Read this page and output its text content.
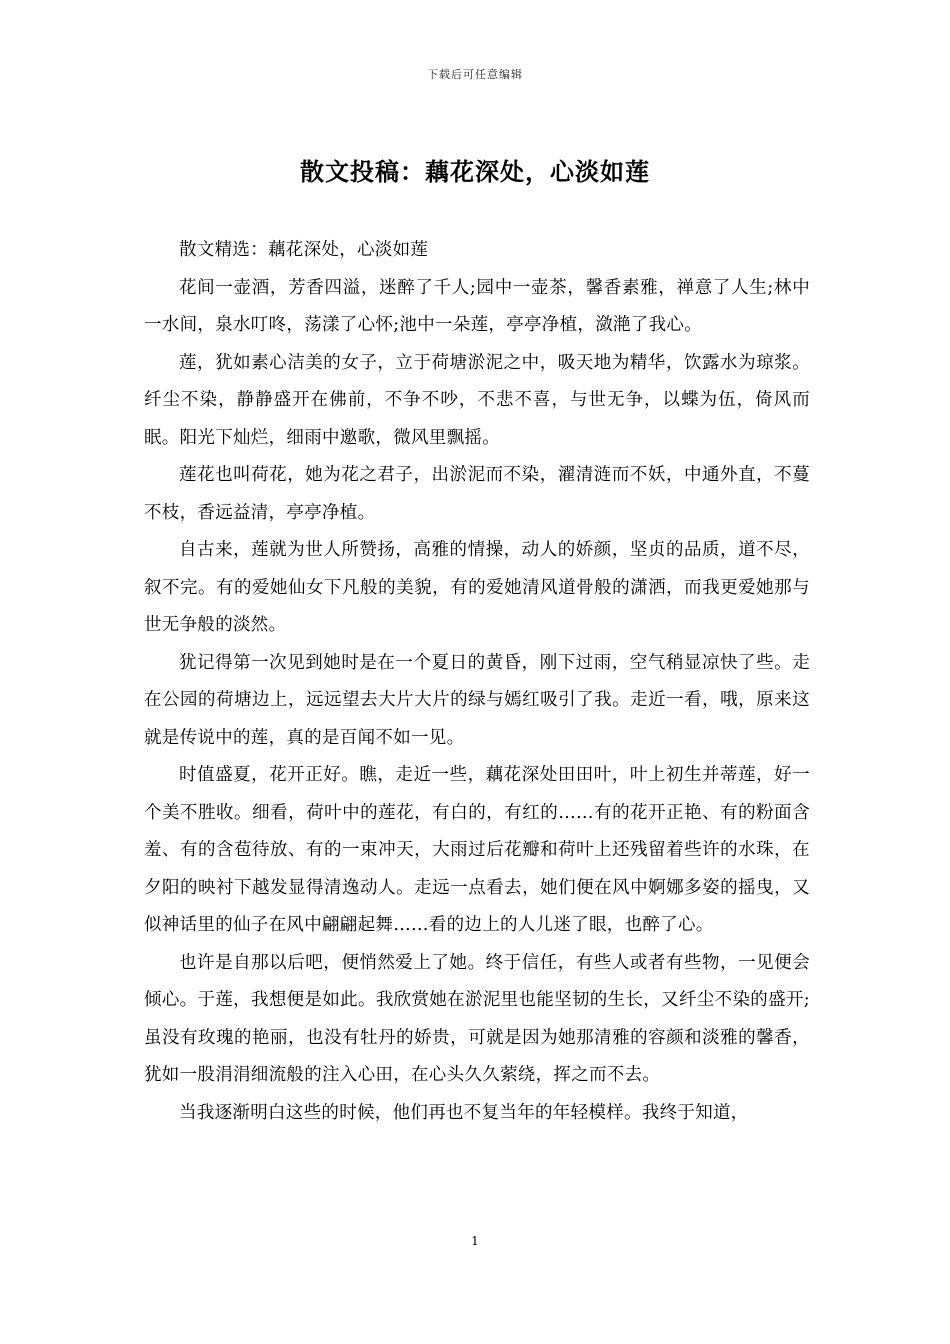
下载后可任意编辑
散文投稿：藕花深处，心淡如莲

散文精选：藕花深处，心淡如莲

花间一壶酒，芳香四溢，迷醉了千人;园中一壶茶，馨香素雅，禅意了人生;林中一水间，泉水叮咚，荡漾了心怀;池中一朵莲，亭亭净植，潋滟了我心。

莲，犹如素心洁美的女子，立于荷塘淤泥之中，吸天地为精华，饮露水为琼浆。纤尘不染，静静盛开在佛前，不争不吵，不悲不喜，与世无争，以蝶为伍，倚风而眠。阳光下灿烂，细雨中邀歌，微风里飘摇。

莲花也叫荷花，她为花之君子，出淤泥而不染，濯清涟而不妖，中通外直，不蔓不枝，香远益清，亭亭净植。

自古来，莲就为世人所赞扬，高雅的情操，动人的娇颜，坚贞的品质，道不尽，叙不完。有的爱她仙女下凡般的美貌，有的爱她清风道骨般的潇洒，而我更爱她那与世无争般的淡然。

犹记得第一次见到她时是在一个夏日的黄昏，刚下过雨，空气稍显凉快了些。走在公园的荷塘边上，远远望去大片大片的绿与嫣红吸引了我。走近一看，哦，原来这就是传说中的莲，真的是百闻不如一见。

时值盛夏，花开正好。瞧，走近一些，藕花深处田田叶，叶上初生并蒂莲，好一个美不胜收。细看，荷叶中的莲花，有白的，有红的……有的花开正艳、有的粉面含羞、有的含苞待放、有的一束冲天，大雨过后花瓣和荷叶上还残留着些许的水珠，在夕阳的映衬下越发显得清逸动人。走远一点看去，她们便在风中婀娜多姿的摇曳，又似神话里的仙子在风中翩翩起舞……看的边上的人儿迷了眼，也醉了心。

也许是自那以后吧，便悄然爱上了她。终于信任，有些人或者有些物，一见便会倾心。于莲，我想便是如此。我欣赏她在淤泥里也能坚韧的生长，又纤尘不染的盛开;虽没有玫瑰的艳丽，也没有牡丹的娇贵，可就是因为她那清雅的容颜和淡雅的馨香，犹如一股涓涓细流般的注入心田，在心头久久萦绕，挥之而不去。

当我逐渐明白这些的时候，他们再也不复当年的年轻模样。我终于知道，

1
